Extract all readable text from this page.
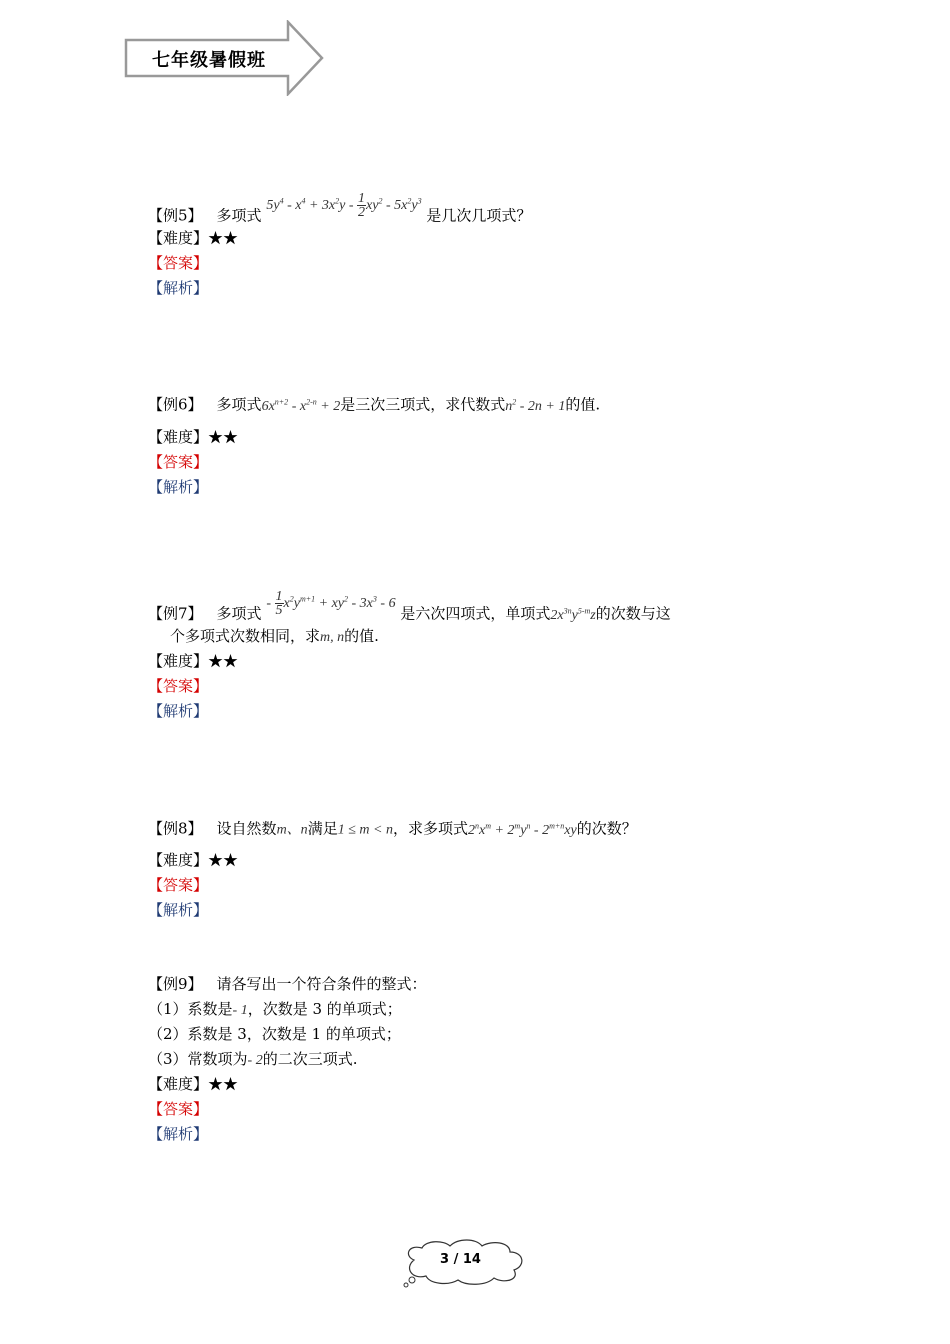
七年级暑假班
【例5】 多项式 $5y^4 - x^4 + 3x^2y - \frac{1}{2} xy^2 - 5x^2y^3$ 是几次几项式？
【难度】★★
【答案】
【解析】
【例6】 多项式$6x^{n+2} - x^{2-n} + 2$是三次三项式，求代数式$n^2 - 2n + 1$的值.
【难度】★★
【答案】
【解析】
【例7】 多项式 - $\frac{1}{5} x^2y^{m+1} + xy^2 - 3x^3 - 6$ 是六次四项式，单项式$2x^{3n}y^{5-m}z$的次数与这
个多项式次数相同，求m, n的值.
【难度】★★
【答案】
【解析】
【例8】 设自然数m、n满足1 ≤ m < n，求多项式$2^nx^m + 2^my^n - 2^{m+n}xy$的次数？
【难度】★★
【答案】
【解析】
【例9】 请各写出一个符合条件的整式：
（1）系数是- 1，次数是 3 的单项式；
（2）系数是 3，次数是 1 的单项式；
（3）常数项为- 2的二次三项式.
【难度】★★
【答案】
【解析】
3 / 14
